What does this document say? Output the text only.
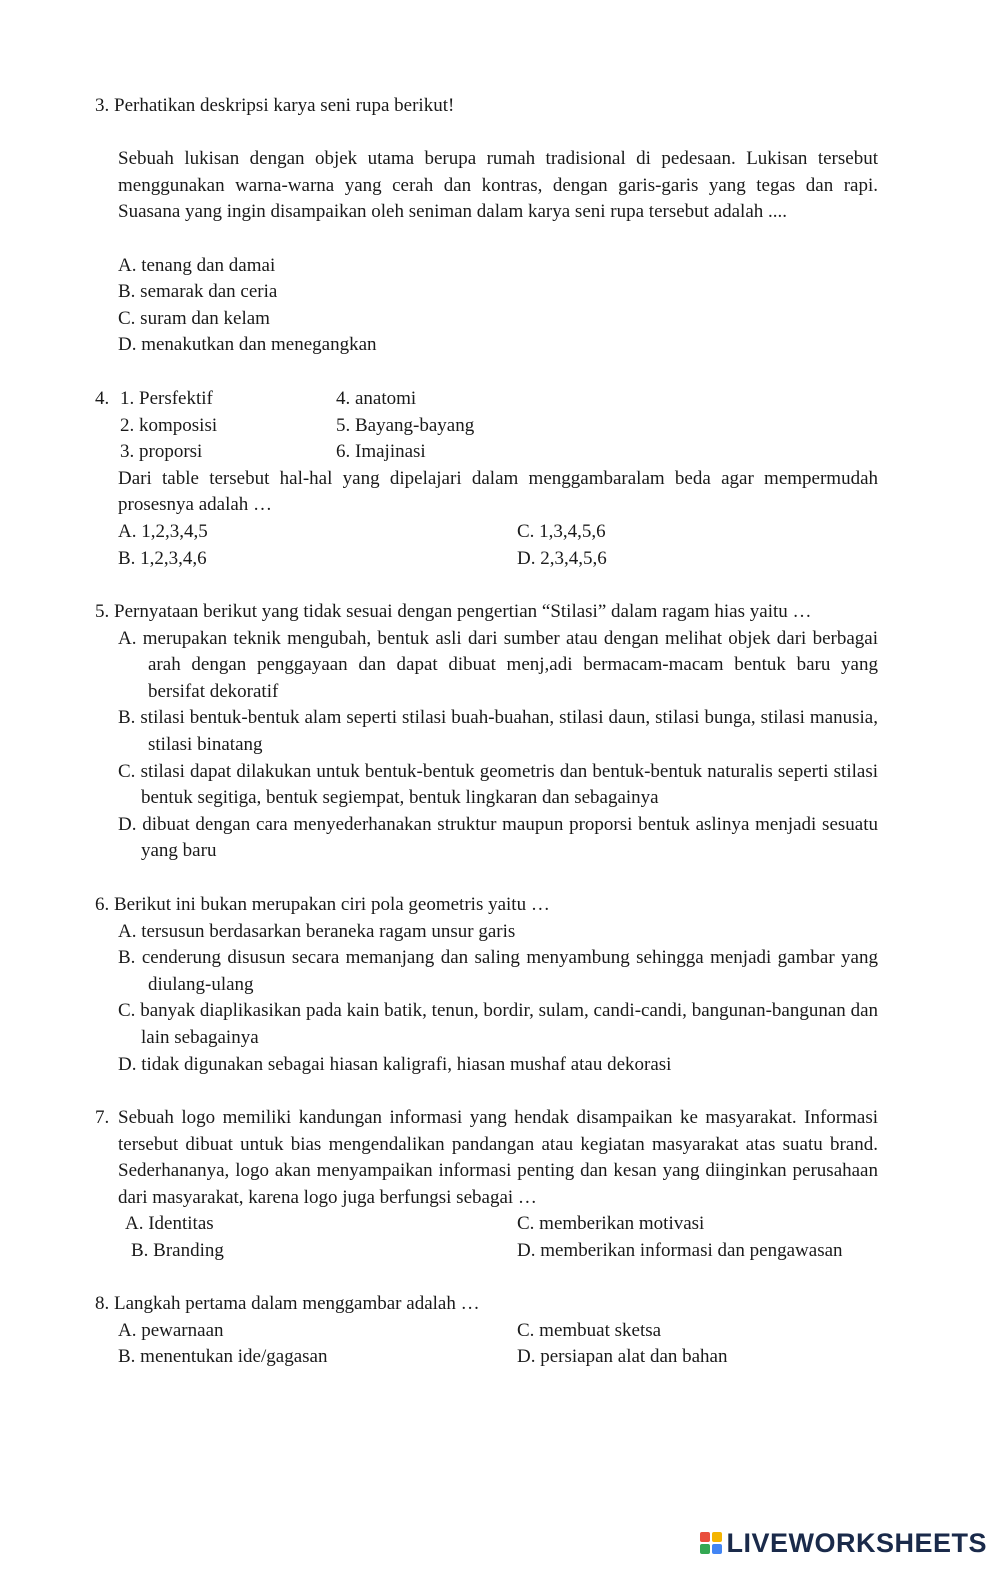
3. Perhatikan deskripsi karya seni rupa berikut!
Sebuah lukisan dengan objek utama berupa rumah tradisional di pedesaan. Lukisan tersebut menggunakan warna-warna yang cerah dan kontras, dengan garis-garis yang tegas dan rapi. Suasana yang ingin disampaikan oleh seniman dalam karya seni rupa tersebut adalah ....
A. tenang dan damai
B. semarak dan ceria
C. suram dan kelam
D. menakutkan dan menegangkan
4. 1. Persfektif	4. anatomi
2. komposisi	5. Bayang-bayang
3. proporsi	6. Imajinasi
Dari table tersebut hal-hal yang dipelajari dalam menggambaralam beda agar mempermudah prosesnya adalah …
A. 1,2,3,4,5	C. 1,3,4,5,6
B. 1,2,3,4,6	D. 2,3,4,5,6
5. Pernyataan berikut yang tidak sesuai dengan pengertian “Stilasi” dalam ragam hias yaitu …
A. merupakan teknik mengubah, bentuk asli dari sumber atau dengan melihat objek dari berbagai arah dengan penggayaan dan dapat dibuat menj,adi bermacam-macam bentuk baru yang bersifat dekoratif
B. stilasi bentuk-bentuk alam seperti stilasi buah-buahan, stilasi daun, stilasi bunga, stilasi manusia, stilasi binatang
C. stilasi dapat dilakukan untuk bentuk-bentuk geometris dan bentuk-bentuk naturalis seperti stilasi bentuk segitiga, bentuk segiempat, bentuk lingkaran dan sebagainya
D. dibuat dengan cara menyederhanakan struktur maupun proporsi bentuk aslinya menjadi sesuatu yang baru
6. Berikut ini bukan merupakan ciri pola geometris yaitu …
A. tersusun berdasarkan beraneka ragam unsur garis
B. cenderung disusun secara memanjang dan saling menyambung sehingga menjadi gambar yang diulang-ulang
C. banyak diaplikasikan pada kain batik, tenun, bordir, sulam, candi-candi, bangunan-bangunan dan lain sebagainya
D. tidak digunakan sebagai hiasan kaligrafi, hiasan mushaf atau dekorasi
7. Sebuah logo memiliki kandungan informasi yang hendak disampaikan ke masyarakat. Informasi tersebut dibuat untuk bias mengendalikan pandangan atau kegiatan masyarakat atas suatu brand. Sederhananya, logo akan menyampaikan informasi penting dan kesan yang diinginkan perusahaan dari masyarakat, karena logo juga berfungsi sebagai …
A. Identitas	C. memberikan motivasi
B. Branding	D. memberikan informasi dan pengawasan
8. Langkah pertama dalam menggambar adalah …
A. pewarnaan	C. membuat sketsa
B. menentukan ide/gagasan	D. persiapan alat dan bahan
LIVEWORKSHEETS
